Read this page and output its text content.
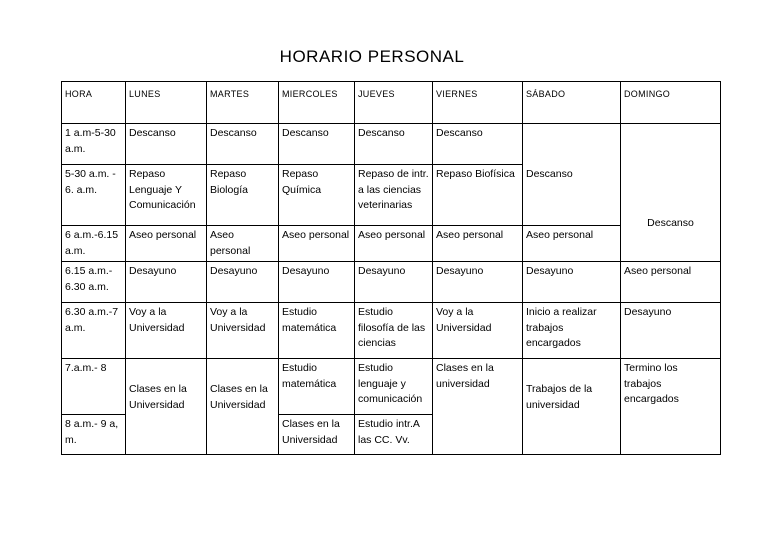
HORARIO PERSONAL
HORA	LUNES	MARTES	MIERCOLES	JUEVES	VIERNES	SÁBADO	DOMINGO
1 a.m-5-30 a.m.	Descanso	Descanso	Descanso	Descanso	Descanso	Descanso	Descanso
5-30 a.m. - 6. a.m.	Repaso Lenguaje Y Comunicación	Repaso Biología	Repaso Química	Repaso de intr. a las ciencias veterinarias	Repaso Biofísica		
6 a.m.-6.15 a.m.	Aseo personal	Aseo personal	Aseo personal	Aseo personal	Aseo personal	Aseo personal	
6.15 a.m.- 6.30 a.m.	Desayuno	Desayuno	Desayuno	Desayuno	Desayuno	Desayuno	Aseo personal
6.30 a.m.-7 a.m.	Voy a la Universidad	Voy a la Universidad	Estudio matemática	Estudio filosofía de las ciencias	Voy a la Universidad	Inicio a realizar trabajos encargados	Desayuno
7.a.m.- 8	Clases en la Universidad	Clases en la Universidad	Estudio matemática	Estudio lenguaje y comunicación	Clases en la universidad	Trabajos de la universidad	Termino los trabajos encargados
8 a.m.- 9 a, m.			Clases en la Universidad	Estudio intr.A las CC. Vv.			
